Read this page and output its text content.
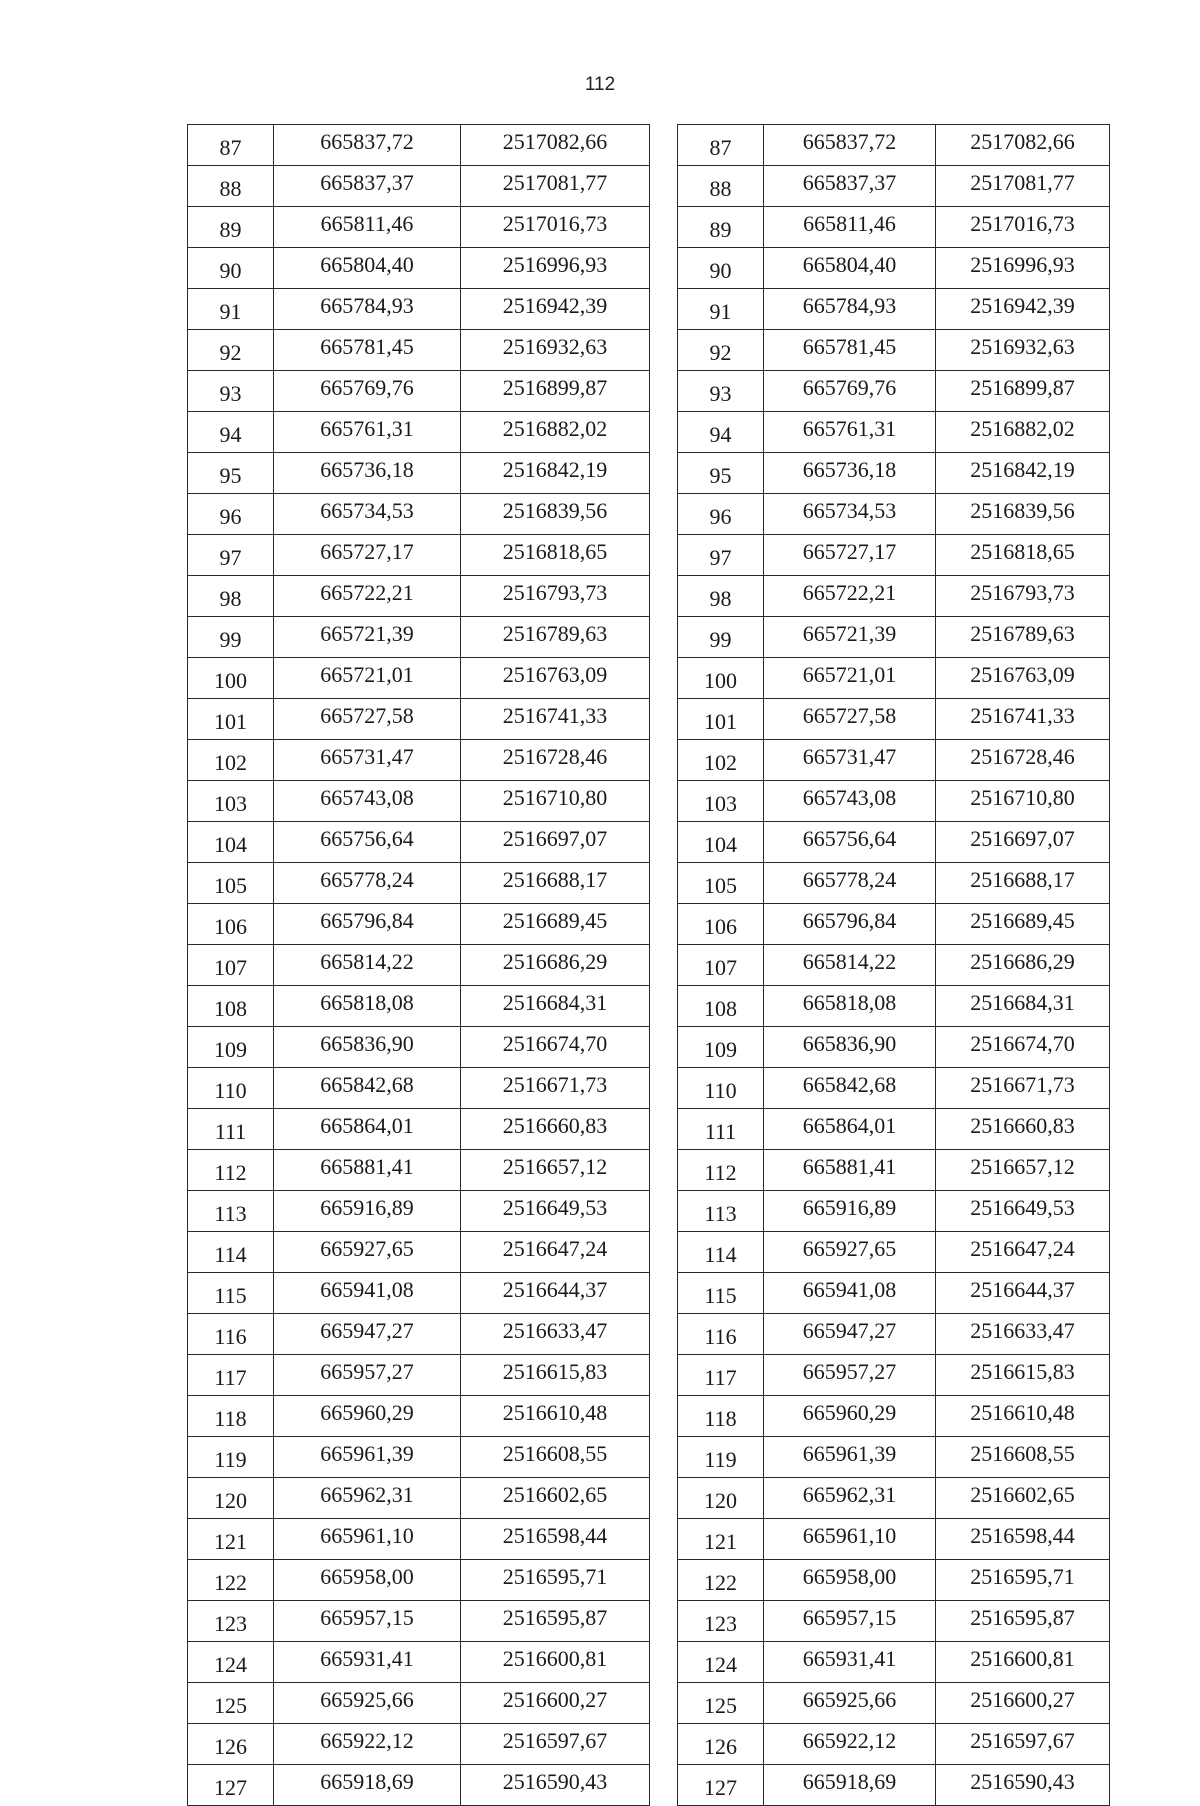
112
87	665837,72	2517082,66
88	665837,37	2517081,77
89	665811,46	2517016,73
90	665804,40	2516996,93
91	665784,93	2516942,39
92	665781,45	2516932,63
93	665769,76	2516899,87
94	665761,31	2516882,02
95	665736,18	2516842,19
96	665734,53	2516839,56
97	665727,17	2516818,65
98	665722,21	2516793,73
99	665721,39	2516789,63
100	665721,01	2516763,09
101	665727,58	2516741,33
102	665731,47	2516728,46
103	665743,08	2516710,80
104	665756,64	2516697,07
105	665778,24	2516688,17
106	665796,84	2516689,45
107	665814,22	2516686,29
108	665818,08	2516684,31
109	665836,90	2516674,70
110	665842,68	2516671,73
111	665864,01	2516660,83
112	665881,41	2516657,12
113	665916,89	2516649,53
114	665927,65	2516647,24
115	665941,08	2516644,37
116	665947,27	2516633,47
117	665957,27	2516615,83
118	665960,29	2516610,48
119	665961,39	2516608,55
120	665962,31	2516602,65
121	665961,10	2516598,44
122	665958,00	2516595,71
123	665957,15	2516595,87
124	665931,41	2516600,81
125	665925,66	2516600,27
126	665922,12	2516597,67
127	665918,69	2516590,43
87	665837,72	2517082,66
88	665837,37	2517081,77
89	665811,46	2517016,73
90	665804,40	2516996,93
91	665784,93	2516942,39
92	665781,45	2516932,63
93	665769,76	2516899,87
94	665761,31	2516882,02
95	665736,18	2516842,19
96	665734,53	2516839,56
97	665727,17	2516818,65
98	665722,21	2516793,73
99	665721,39	2516789,63
100	665721,01	2516763,09
101	665727,58	2516741,33
102	665731,47	2516728,46
103	665743,08	2516710,80
104	665756,64	2516697,07
105	665778,24	2516688,17
106	665796,84	2516689,45
107	665814,22	2516686,29
108	665818,08	2516684,31
109	665836,90	2516674,70
110	665842,68	2516671,73
111	665864,01	2516660,83
112	665881,41	2516657,12
113	665916,89	2516649,53
114	665927,65	2516647,24
115	665941,08	2516644,37
116	665947,27	2516633,47
117	665957,27	2516615,83
118	665960,29	2516610,48
119	665961,39	2516608,55
120	665962,31	2516602,65
121	665961,10	2516598,44
122	665958,00	2516595,71
123	665957,15	2516595,87
124	665931,41	2516600,81
125	665925,66	2516600,27
126	665922,12	2516597,67
127	665918,69	2516590,43
